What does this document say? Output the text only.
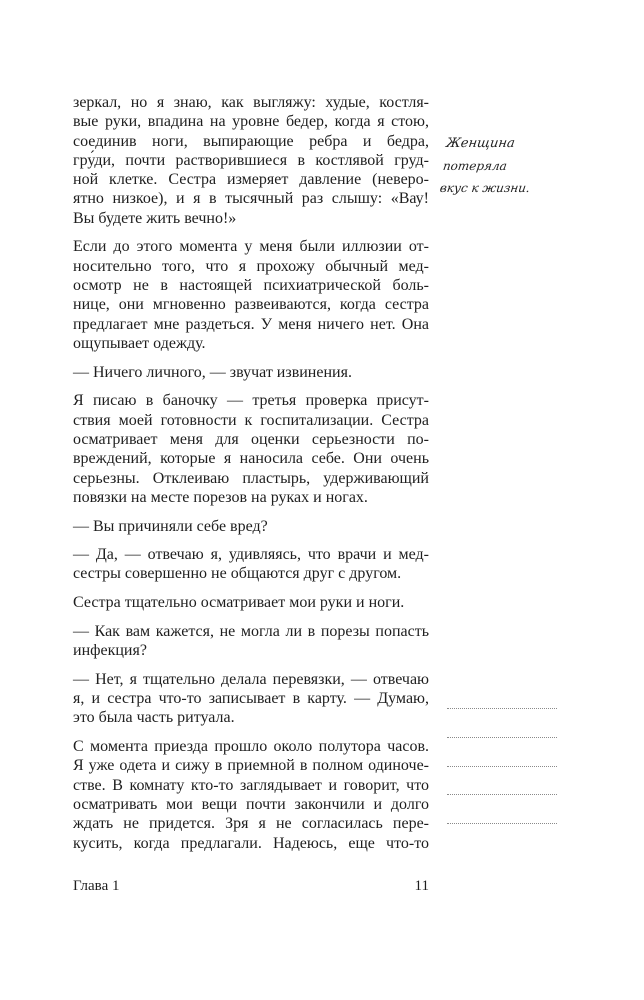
зеркал, но я знаю, как выгляжу: худые, костля-
вые руки, впадина на уровне бедер, когда я стою,
соединив ноги, выпирающие ребра и бедра,
гру́ди, почти растворившиеся в костлявой груд-
ной клетке. Сестра измеряет давление (неверо-
ятно низкое), и я в тысячный раз слышу: «Вау!
Вы будете жить вечно!»
Если до этого момента у меня были иллюзии от-
носительно того, что я прохожу обычный мед-
осмотр не в настоящей психиатрической боль-
нице, они мгновенно развеиваются, когда сестра
предлагает мне раздеться. У меня ничего нет. Она
ощупывает одежду.
— Ничего личного, — звучат извинения.
Я писаю в баночку — третья проверка присут-
ствия моей готовности к госпитализации. Сестра
осматривает меня для оценки серьезности по-
вреждений, которые я наносила себе. Они очень
серьезны. Отклеиваю пластырь, удерживающий
повязки на месте порезов на руках и ногах.
— Вы причиняли себе вред?
— Да, — отвечаю я, удивляясь, что врачи и мед-
сестры совершенно не общаются друг с другом.
Сестра тщательно осматривает мои руки и ноги.
— Как вам кажется, не могла ли в порезы попасть
инфекция?
— Нет, я тщательно делала перевязки, — отвечаю
я, и сестра что-то записывает в карту. — Думаю,
это была часть ритуала.
С момента приезда прошло около полутора часов.
Я уже одета и сижу в приемной в полном одиноче-
стве. В комнату кто-то заглядывает и говорит, что
осматривать мои вещи почти закончили и долго
ждать не придется. Зря я не согласилась пере-
кусить, когда предлагали. Надеюсь, еще что-то
Женщина
потеряла
вкус к жизни.
Глава 1	11
